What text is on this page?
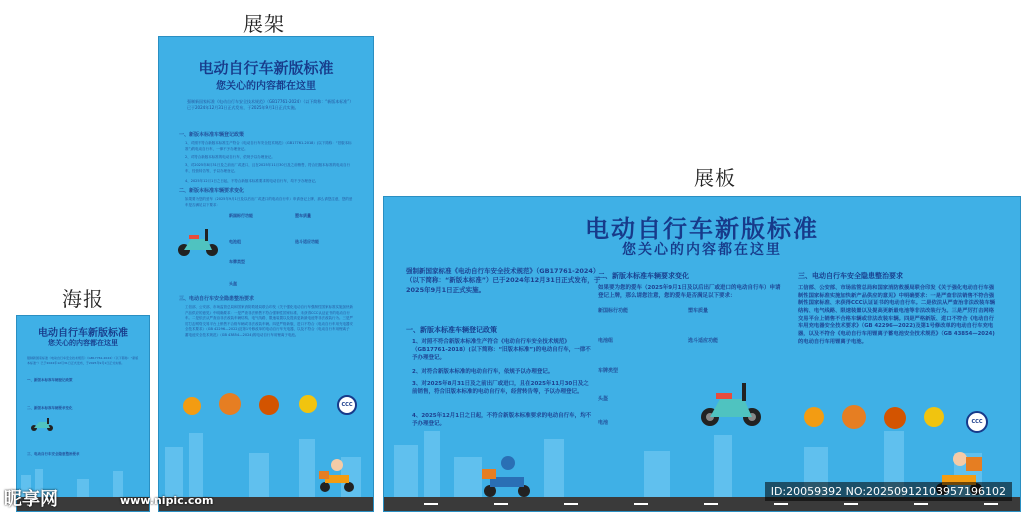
展架
展板
海报
电动自行车新版标准
您关心的内容都在这里
强制新国家标准《电动自行车安全技术规范》（GB17761-2024）（以下简称：“新版本标准”）已于2024年12月31日正式发布，于2025年9月1日正式实施。
一、新版本标准车辆登记政策
二、新版本标准车辆要求变化
三、电动自行车安全隐患整治要求
电动自行车新版标准
您关心的内容都在这里
强制新国家标准《电动自行车安全技术规范》（GB17761-2024）（以下简称：“新版本标准”）已于2024年12月31日正式发布，于2025年9月1日正式实施。
一、新版本标准车辆登记政策
1、对照不符合新版本标准生产符合《电动自行车安全技术规范》（GB17761-2018）(以下简称：“旧版本标准”)的电动自行车，一律不予办理登记。
2、对符合新版本标准的电动自行车，依规予以办理登记。
3、对2025年8月31日及之前出厂或进口，且在2025年11月30日及之前销售，符合旧版本标准的电动自行车，经营转告等，予以办理登记。
4、2025年12月1日之日起，不符合新版本标准要求的电动自行车，均不予办理登记。
二、新版本标准车辆要求变化
如果要为您的爱车（2025年9月1日及以后出厂或进口的电动自行车）申请登记上牌，那么请您注意，您的爱车是否满足以下要求：
新国标行功能	塑车质量
电池组	选斗适应功能
车牌类型
头盔
三、电动自行车安全隐患整治要求
工信部、公安部、市场监管总局和国家消防救援局联合印发《关于强化电动自行车强制性国家标准实施加快新产品供应的意见》中明确要求：一是严查非法销售不符合强制性国家标准、未获得CCC认证证书的电动自行车。二是依法从严查治非法改装车辆结构、电气线路、限速装置以及提高更新最电池等非法改装行为。三是严厉打击网络交易平台上销售不合格车辆或非法改装车辆。四是严格新版、进口不符合《电动自行车用充电器安全技术要求》（GB 42296—2022)及第1号修改单的电动自行车充电器，以及不符合《电动自行车用锂离子蓄电池安全技术规范》（GB 43854—2024)的电动自行车用锂离子电池。
CCC
电动自行车新版标准
您关心的内容都在这里
强制新国家标准《电动自行车安全技术规范》（GB17761-2024）（以下简称：“新版本标准”）已于2024年12月31日正式发布，于2025年9月1日正式实施。
一、新版本标准车辆登记政策
1、对照不符合新版本标准生产符合《电动自行车安全技术规范》（GB17761-2018）(以下简称：“旧版本标准”)的电动自行车，一律不予办理登记。
2、对符合新版本标准的电动自行车，依规予以办理登记。
3、对2025年8月31日及之前出厂或进口，且在2025年11月30日及之前销售，符合旧版本标准的电动自行车，经营转告等，予以办理登记。
4、2025年12月1日之日起，不符合新版本标准要求的电动自行车，均不予办理登记。
二、新版本标准车辆要求变化
如果要为您的爱车（2025年9月1日及以后出厂或进口的电动自行车）申请登记上牌，那么请您注意，您的爱车是否满足以下要求：
新国标行功能	塑车质量
电池组	选斗适应功能
车牌类型
头盔
电池
三、电动自行车安全隐患整治要求
工信部、公安部、市场监管总局和国家消防救援局联合印发《关于强化电动自行车强制性国家标准实施加快新产品供应的意见》中明确要求：一是严查非法销售不符合强制性国家标准、未获得CCC认证证书的电动自行车。二是依法从严查治非法改装车辆结构、电气线路、限速装置以及提高更新最电池等非法改装行为。三是严厉打击网络交易平台上销售不合格车辆或非法改装车辆。四是严格新版、进口不符合《电动自行车用充电器安全技术要求》（GB 42296—2022)及第1号修改单的电动自行车充电器，以及不符合《电动自行车用锂离子蓄电池安全技术规范》（GB 43854—2024)的电动自行车用锂离子电池。
CCC
昵享网	www.nipic.com
ID:20059392 NO:20250912103957196102
